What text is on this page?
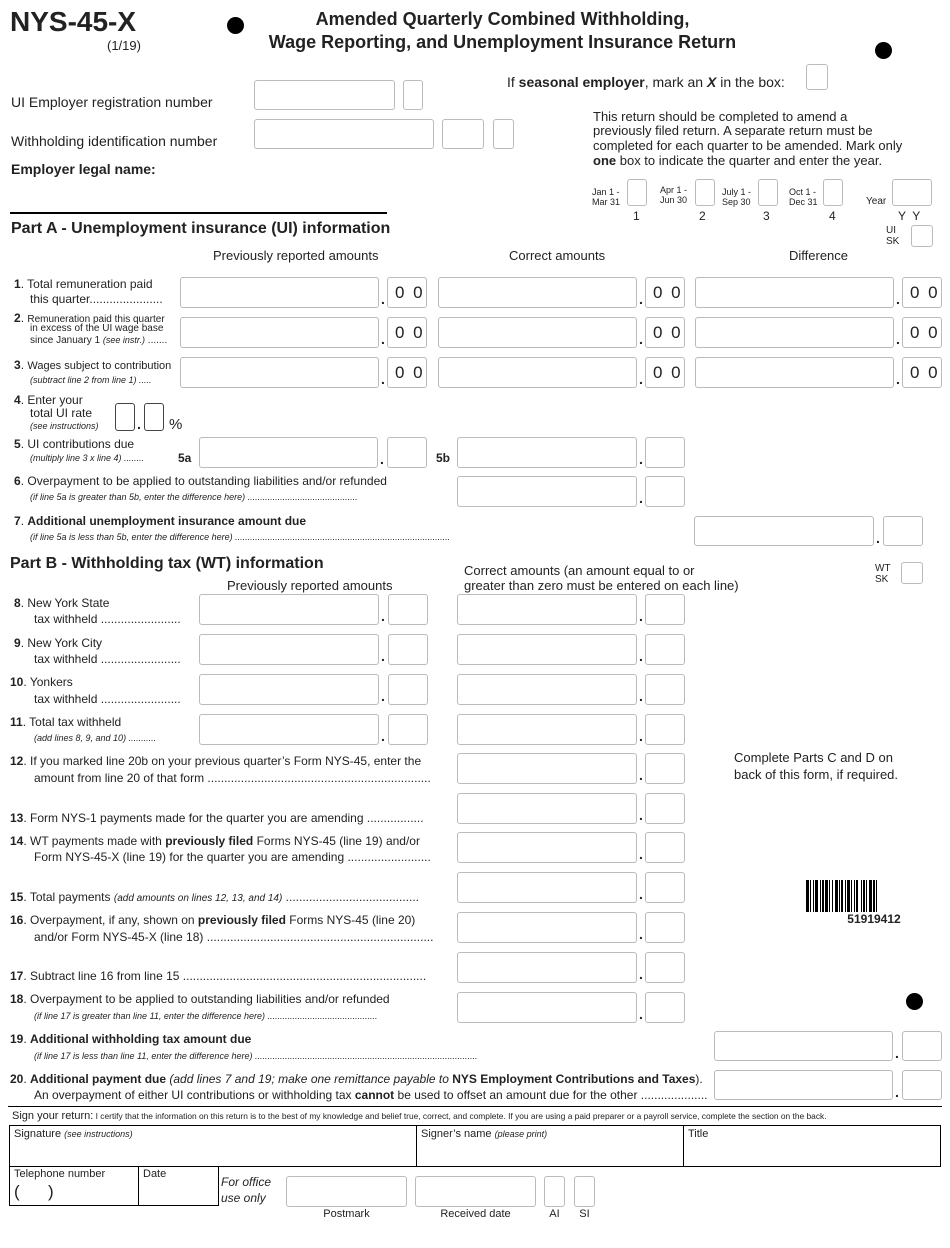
NYS-45-X
(1/19)
Amended Quarterly Combined Withholding,
Wage Reporting, and Unemployment Insurance Return
If seasonal employer, mark an X in the box:
UI Employer registration number
Withholding identification number
Employer legal name:
This return should be completed to amend a
previously filed return. A separate return must be
completed for each quarter to be amended. Mark only
one box to indicate the quarter and enter the year.
Jan 1 -
Mar 31
1
Apr 1 -
Jun 30
2
July 1 -
Sep 30
3
Oct 1 -
Dec 31
4
Year
Y  Y
UI
SK
Part A - Unemployment insurance (UI) information
Previously reported amounts	Correct amounts	Difference
1. Total remuneration paid
this quarter......................	. 0 0	. 0 0	. 0 0
2. Remuneration paid this quarter
in excess of the UI wage base
since January 1 (see instr.) .......	. 0 0	. 0 0	. 0 0
3. Wages subject to contribution
(subtract line 2 from line 1) .....	. 0 0	. 0 0	. 0 0
4. Enter your
total UI rate
(see instructions)	. %
5. UI contributions due
(multiply line 3 x line 4) ........	5a	.	5b	.
6. Overpayment to be applied to outstanding liabilities and/or refunded
(if line 5a is greater than 5b, enter the difference here) ............................................	.
7. Additional unemployment insurance amount due
(if line 5a is less than 5b, enter the difference here) ......................................................................................	.
Part B - Withholding tax (WT) information
Previously reported amounts
Correct amounts (an amount equal to or
greater than zero must be entered on each line)
WT
SK
8. New York State
tax withheld ........................	.	.
9. New York City
tax withheld ........................	.	.
10. Yonkers
tax withheld ........................	.	.
11. Total tax withheld
(add lines 8, 9, and 10) ...........	.	.
12. If you marked line 20b on your previous quarter’s Form NYS-45, enter the
amount from line 20 of that form ...................................................................	.
Complete Parts C and D on
back of this form, if required.
13. Form NYS-1 payments made for the quarter you are amending .................	.
14. WT payments made with previously filed Forms NYS-45 (line 19) and/or
Form NYS-45-X (line 19) for the quarter you are amending .........................	.
15. Total payments (add amounts on lines 12, 13, and 14) ........................................	.
51919412
16. Overpayment, if any, shown on previously filed Forms NYS-45 (line 20)
and/or Form NYS-45-X (line 18) ....................................................................	.
17. Subtract line 16 from line 15 .........................................................................	.
18. Overpayment to be applied to outstanding liabilities and/or refunded
(if line 17 is greater than line 11, enter the difference here) ............................................	.
19. Additional withholding tax amount due
(if line 17 is less than line 11, enter the difference here) .........................................................................................	.
20. Additional payment due (add lines 7 and 19; make one remittance payable to NYS Employment Contributions and Taxes).
An overpayment of either UI contributions or withholding tax cannot be used to offset an amount due for the other ....................	.
Sign your return: I certify that the information on this return is to the best of my knowledge and belief true, correct, and complete. If you are using a paid preparer or a payroll service, complete the section on the back.
Signature (see instructions)	Signer’s name (please print)	Title
Telephone number
(      )
Date
For office
use only
Postmark	Received date	AI	SI
